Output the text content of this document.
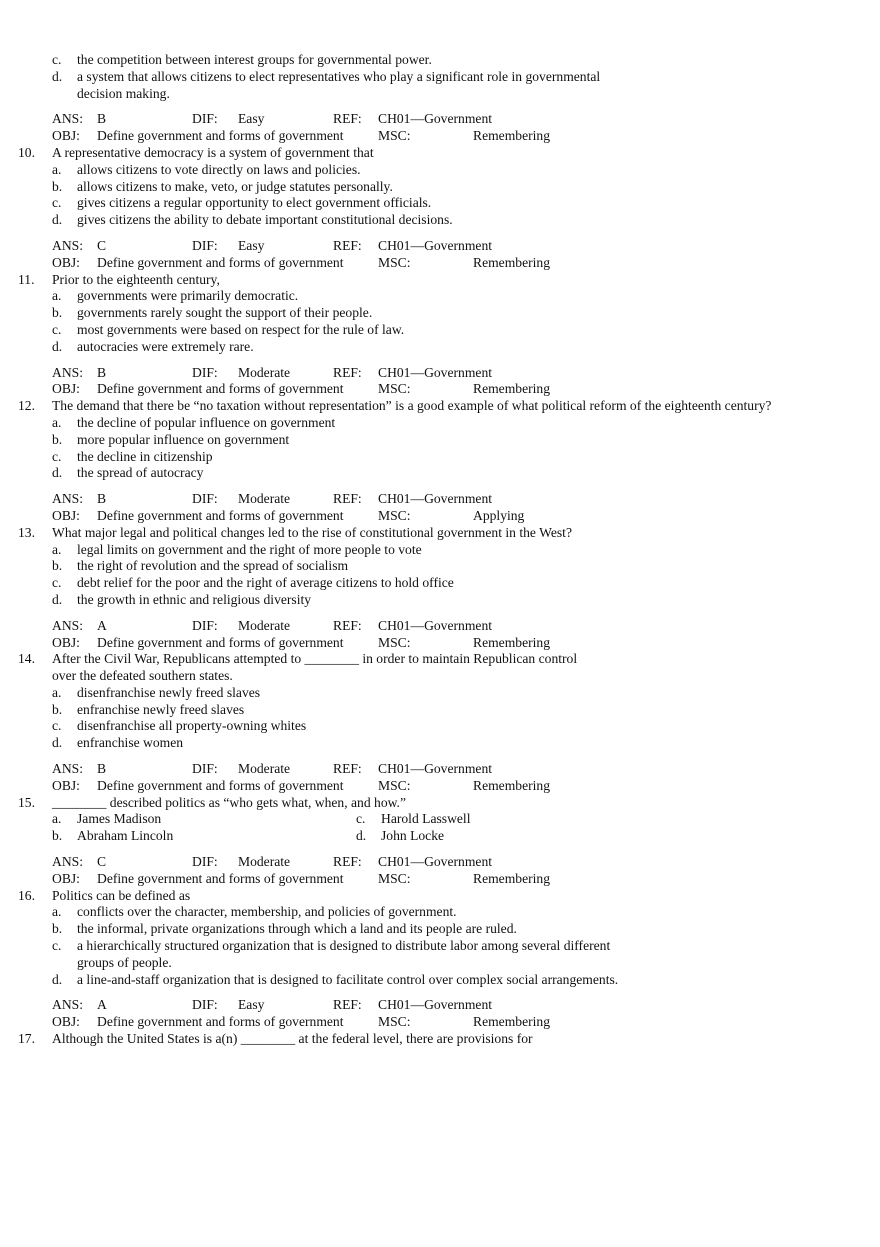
c. the competition between interest groups for governmental power.
d. a system that allows citizens to elect representatives who play a significant role in governmental
decision making.
ANS: B	DIF: Easy	REF: CH01—Government
OBJ: Define government and forms of government	MSC:	Remembering
10. A representative democracy is a system of government that
a. allows citizens to vote directly on laws and policies.
b. allows citizens to make, veto, or judge statutes personally.
c. gives citizens a regular opportunity to elect government officials.
d. gives citizens the ability to debate important constitutional decisions.
ANS: C	DIF: Easy	REF: CH01—Government
OBJ: Define government and forms of government	MSC:	Remembering
11. Prior to the eighteenth century,
a. governments were primarily democratic.
b. governments rarely sought the support of their people.
c. most governments were based on respect for the rule of law.
d. autocracies were extremely rare.
ANS: B	DIF: Moderate	REF: CH01—Government
OBJ: Define government and forms of government	MSC:	Remembering
12. The demand that there be “no taxation without representation” is a good example of what political reform of the eighteenth century?
a. the decline of popular influence on government
b. more popular influence on government
c. the decline in citizenship
d. the spread of autocracy
ANS: B	DIF: Moderate	REF: CH01—Government
OBJ: Define government and forms of government	MSC:	Applying
13. What major legal and political changes led to the rise of constitutional government in the West?
a. legal limits on government and the right of more people to vote
b. the right of revolution and the spread of socialism
c. debt relief for the poor and the right of average citizens to hold office
d. the growth in ethnic and religious diversity
ANS: A	DIF: Moderate	REF: CH01—Government
OBJ: Define government and forms of government	MSC:	Remembering
14. After the Civil War, Republicans attempted to ________ in order to maintain Republican control
over the defeated southern states.
a. disenfranchise newly freed slaves
b. enfranchise newly freed slaves
c. disenfranchise all property-owning whites
d. enfranchise women
ANS: B	DIF: Moderate	REF: CH01—Government
OBJ: Define government and forms of government	MSC:	Remembering
15. ________ described politics as “who gets what, when, and how.”
a. James Madison	c. Harold Lasswell
b. Abraham Lincoln	d. John Locke
ANS: C	DIF: Moderate	REF: CH01—Government
OBJ: Define government and forms of government	MSC:	Remembering
16. Politics can be defined as
a. conflicts over the character, membership, and policies of government.
b. the informal, private organizations through which a land and its people are ruled.
c. a hierarchically structured organization that is designed to distribute labor among several different
groups of people.
d. a line-and-staff organization that is designed to facilitate control over complex social arrangements.
ANS: A	DIF: Easy	REF: CH01—Government
OBJ: Define government and forms of government	MSC:	Remembering
17. Although the United States is a(n) ________ at the federal level, there are provisions for
